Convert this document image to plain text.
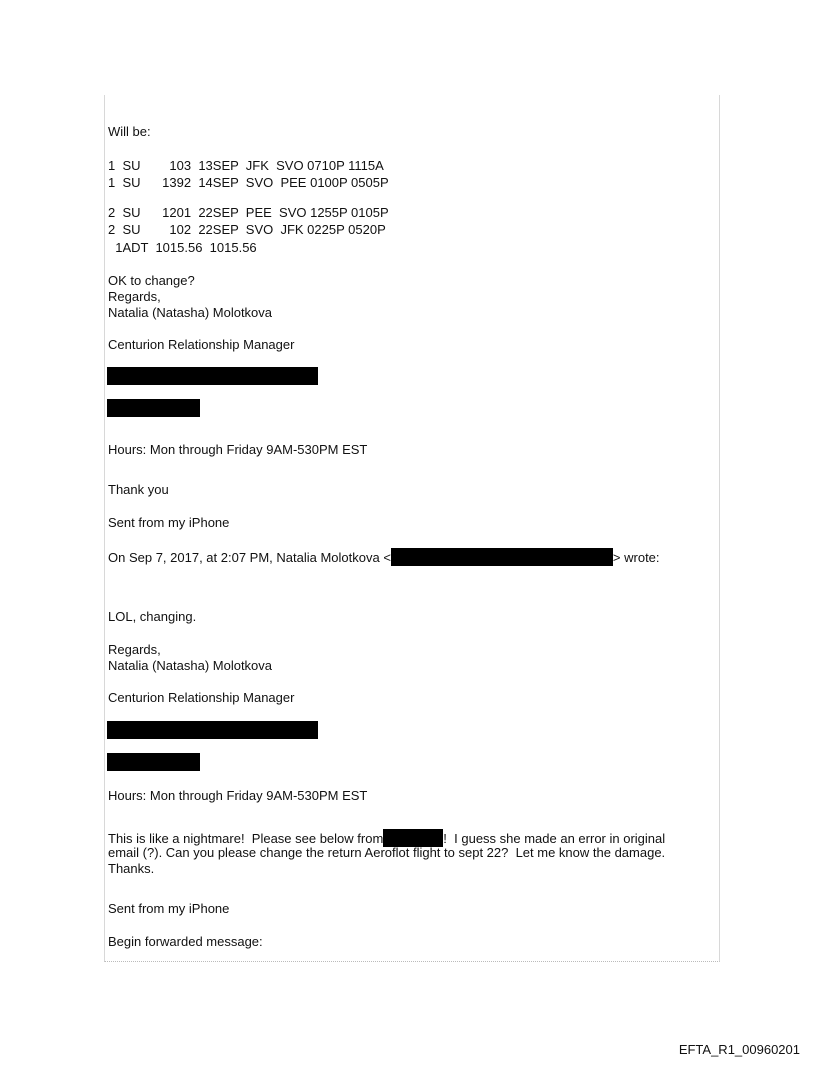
Will be:
1  SU        103  13SEP  JFK  SVO 0710P 1115A
1  SU      1392  14SEP  SVO  PEE 0100P 0505P
2  SU      1201  22SEP  PEE  SVO 1255P 0105P
2  SU        102  22SEP  SVO  JFK 0225P 0520P
1ADT  1015.56  1015.56
OK to change?
Regards,
Natalia (Natasha) Molotkova
Centurion Relationship Manager
Hours: Mon through Friday 9AM-530PM EST
Thank you
Sent from my iPhone
On Sep 7, 2017, at 2:07 PM, Natalia Molotkova <	> wrote:
LOL, changing.
Regards,
Natalia (Natasha) Molotkova
Centurion Relationship Manager
Hours: Mon through Friday 9AM-530PM EST
This is like a nightmare!  Please see below from	!  I guess she made an error in original
email (?). Can you please change the return Aeroflot flight to sept 22?  Let me know the damage.
Thanks.
Sent from my iPhone
Begin forwarded message:
EFTA_R1_00960201
